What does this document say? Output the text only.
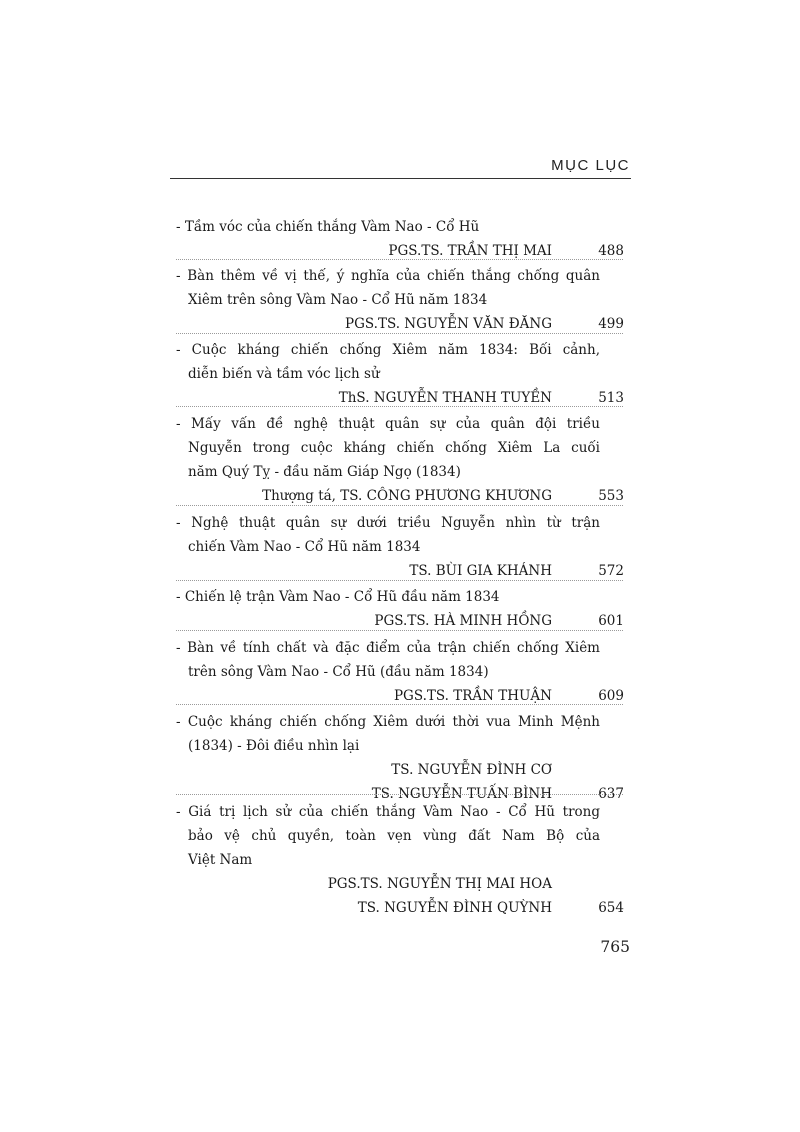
MỤC LỤC
- Tầm vóc của chiến thắng Vàm Nao - Cổ Hũ
PGS.TS. TRẦN THỊ MAI	488
- Bàn thêm về vị thế, ý nghĩa của chiến thắng chống quân
Xiêm trên sông Vàm Nao - Cổ Hũ năm 1834
PGS.TS. NGUYỄN VĂN ĐĂNG	499
- Cuộc kháng chiến chống Xiêm năm 1834: Bối cảnh,
diễn biến và tầm vóc lịch sử
ThS. NGUYỄN THANH TUYỀN	513
- Mấy vấn đề nghệ thuật quân sự của quân đội triều
Nguyễn trong cuộc kháng chiến chống Xiêm La cuối
năm Quý Tỵ - đầu năm Giáp Ngọ (1834)
Thượng tá, TS. CÔNG PHƯƠNG KHƯƠNG	553
- Nghệ thuật quân sự dưới triều Nguyễn nhìn từ trận
chiến Vàm Nao - Cổ Hũ năm 1834
TS. BÙI GIA KHÁNH	572
- Chiến lệ trận Vàm Nao - Cổ Hũ đầu năm 1834
PGS.TS. HÀ MINH HỒNG	601
- Bàn về tính chất và đặc điểm của trận chiến chống Xiêm
trên sông Vàm Nao - Cổ Hũ (đầu năm 1834)
PGS.TS. TRẦN THUẬN	609
- Cuộc kháng chiến chống Xiêm dưới thời vua Minh Mệnh
(1834) - Đôi điều nhìn lại
TS. NGUYỄN ĐÌNH CƠ
TS. NGUYỄN TUẤN BÌNH	637
- Giá trị lịch sử của chiến thắng Vàm Nao - Cổ Hũ trong
bảo vệ chủ quyền, toàn vẹn vùng đất Nam Bộ của
Việt Nam
PGS.TS. NGUYỄN THỊ MAI HOA
TS. NGUYỄN ĐÌNH QUỲNH	654
765
